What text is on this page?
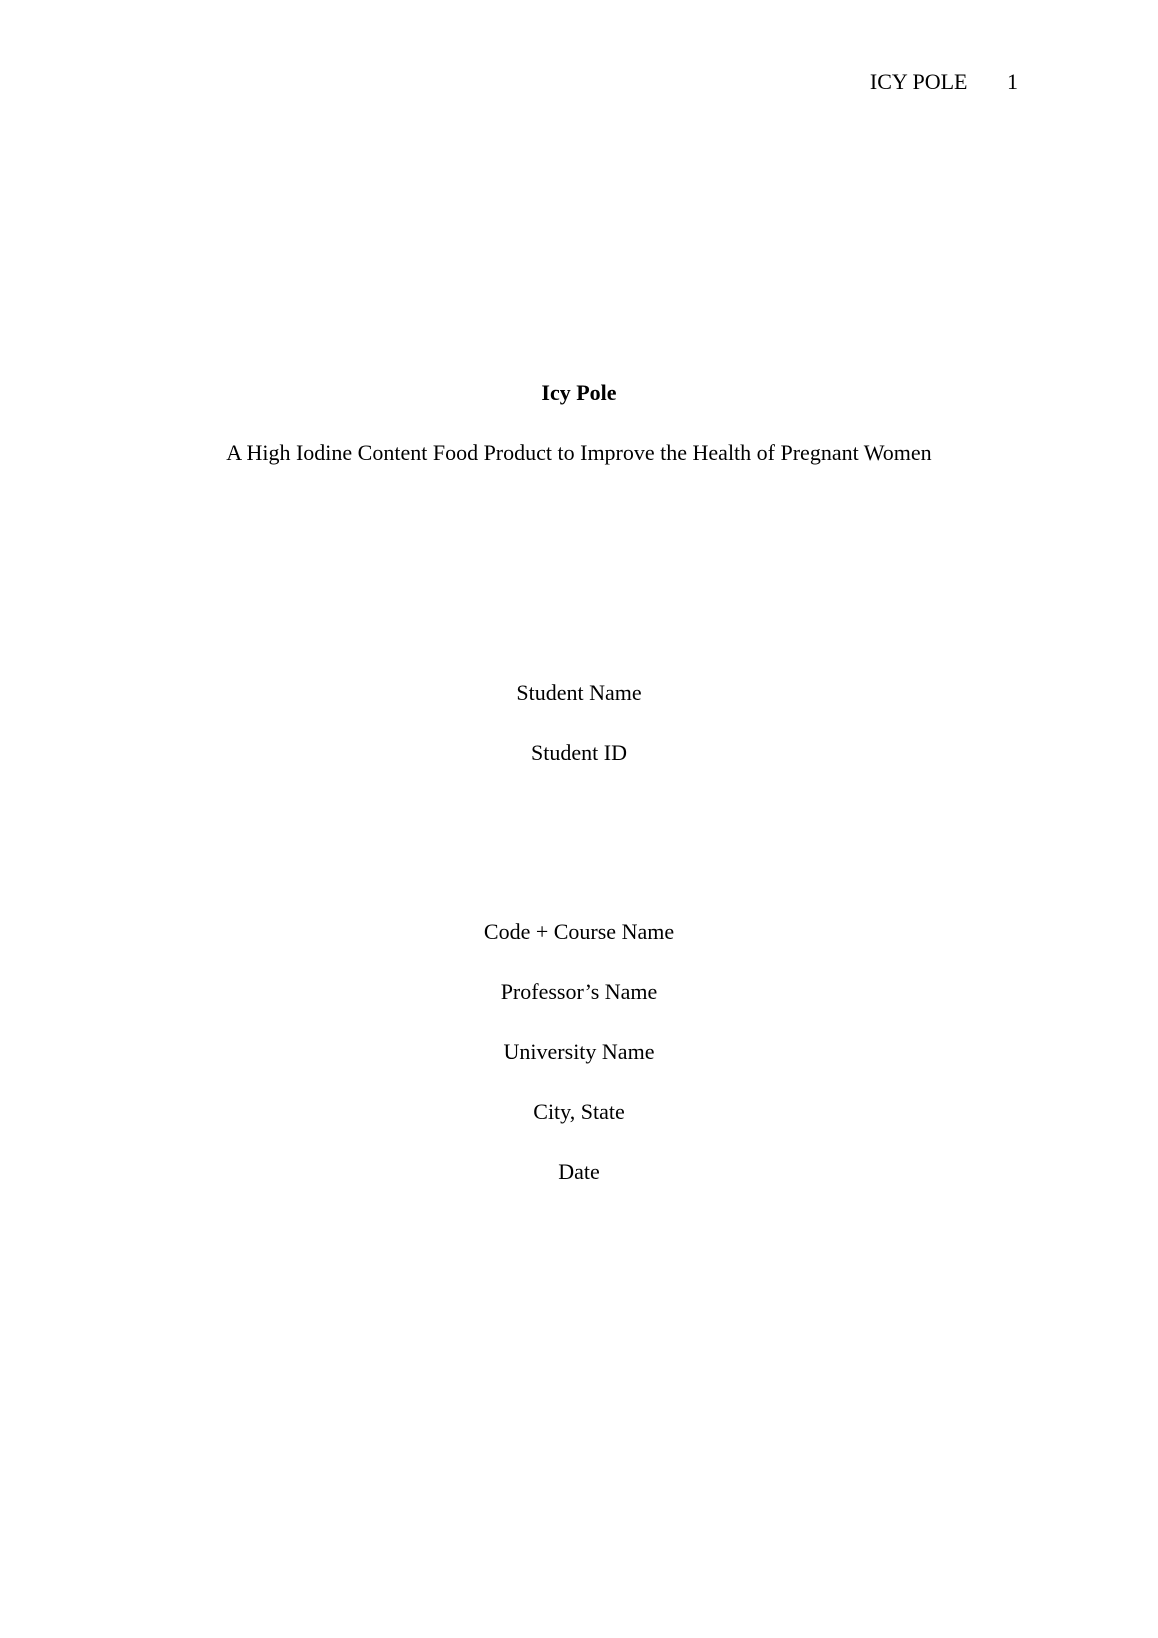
ICY POLE 1
Icy Pole
A High Iodine Content Food Product to Improve the Health of Pregnant Women
Student Name
Student ID
Code + Course Name
Professor’s Name
University Name
City, State
Date
